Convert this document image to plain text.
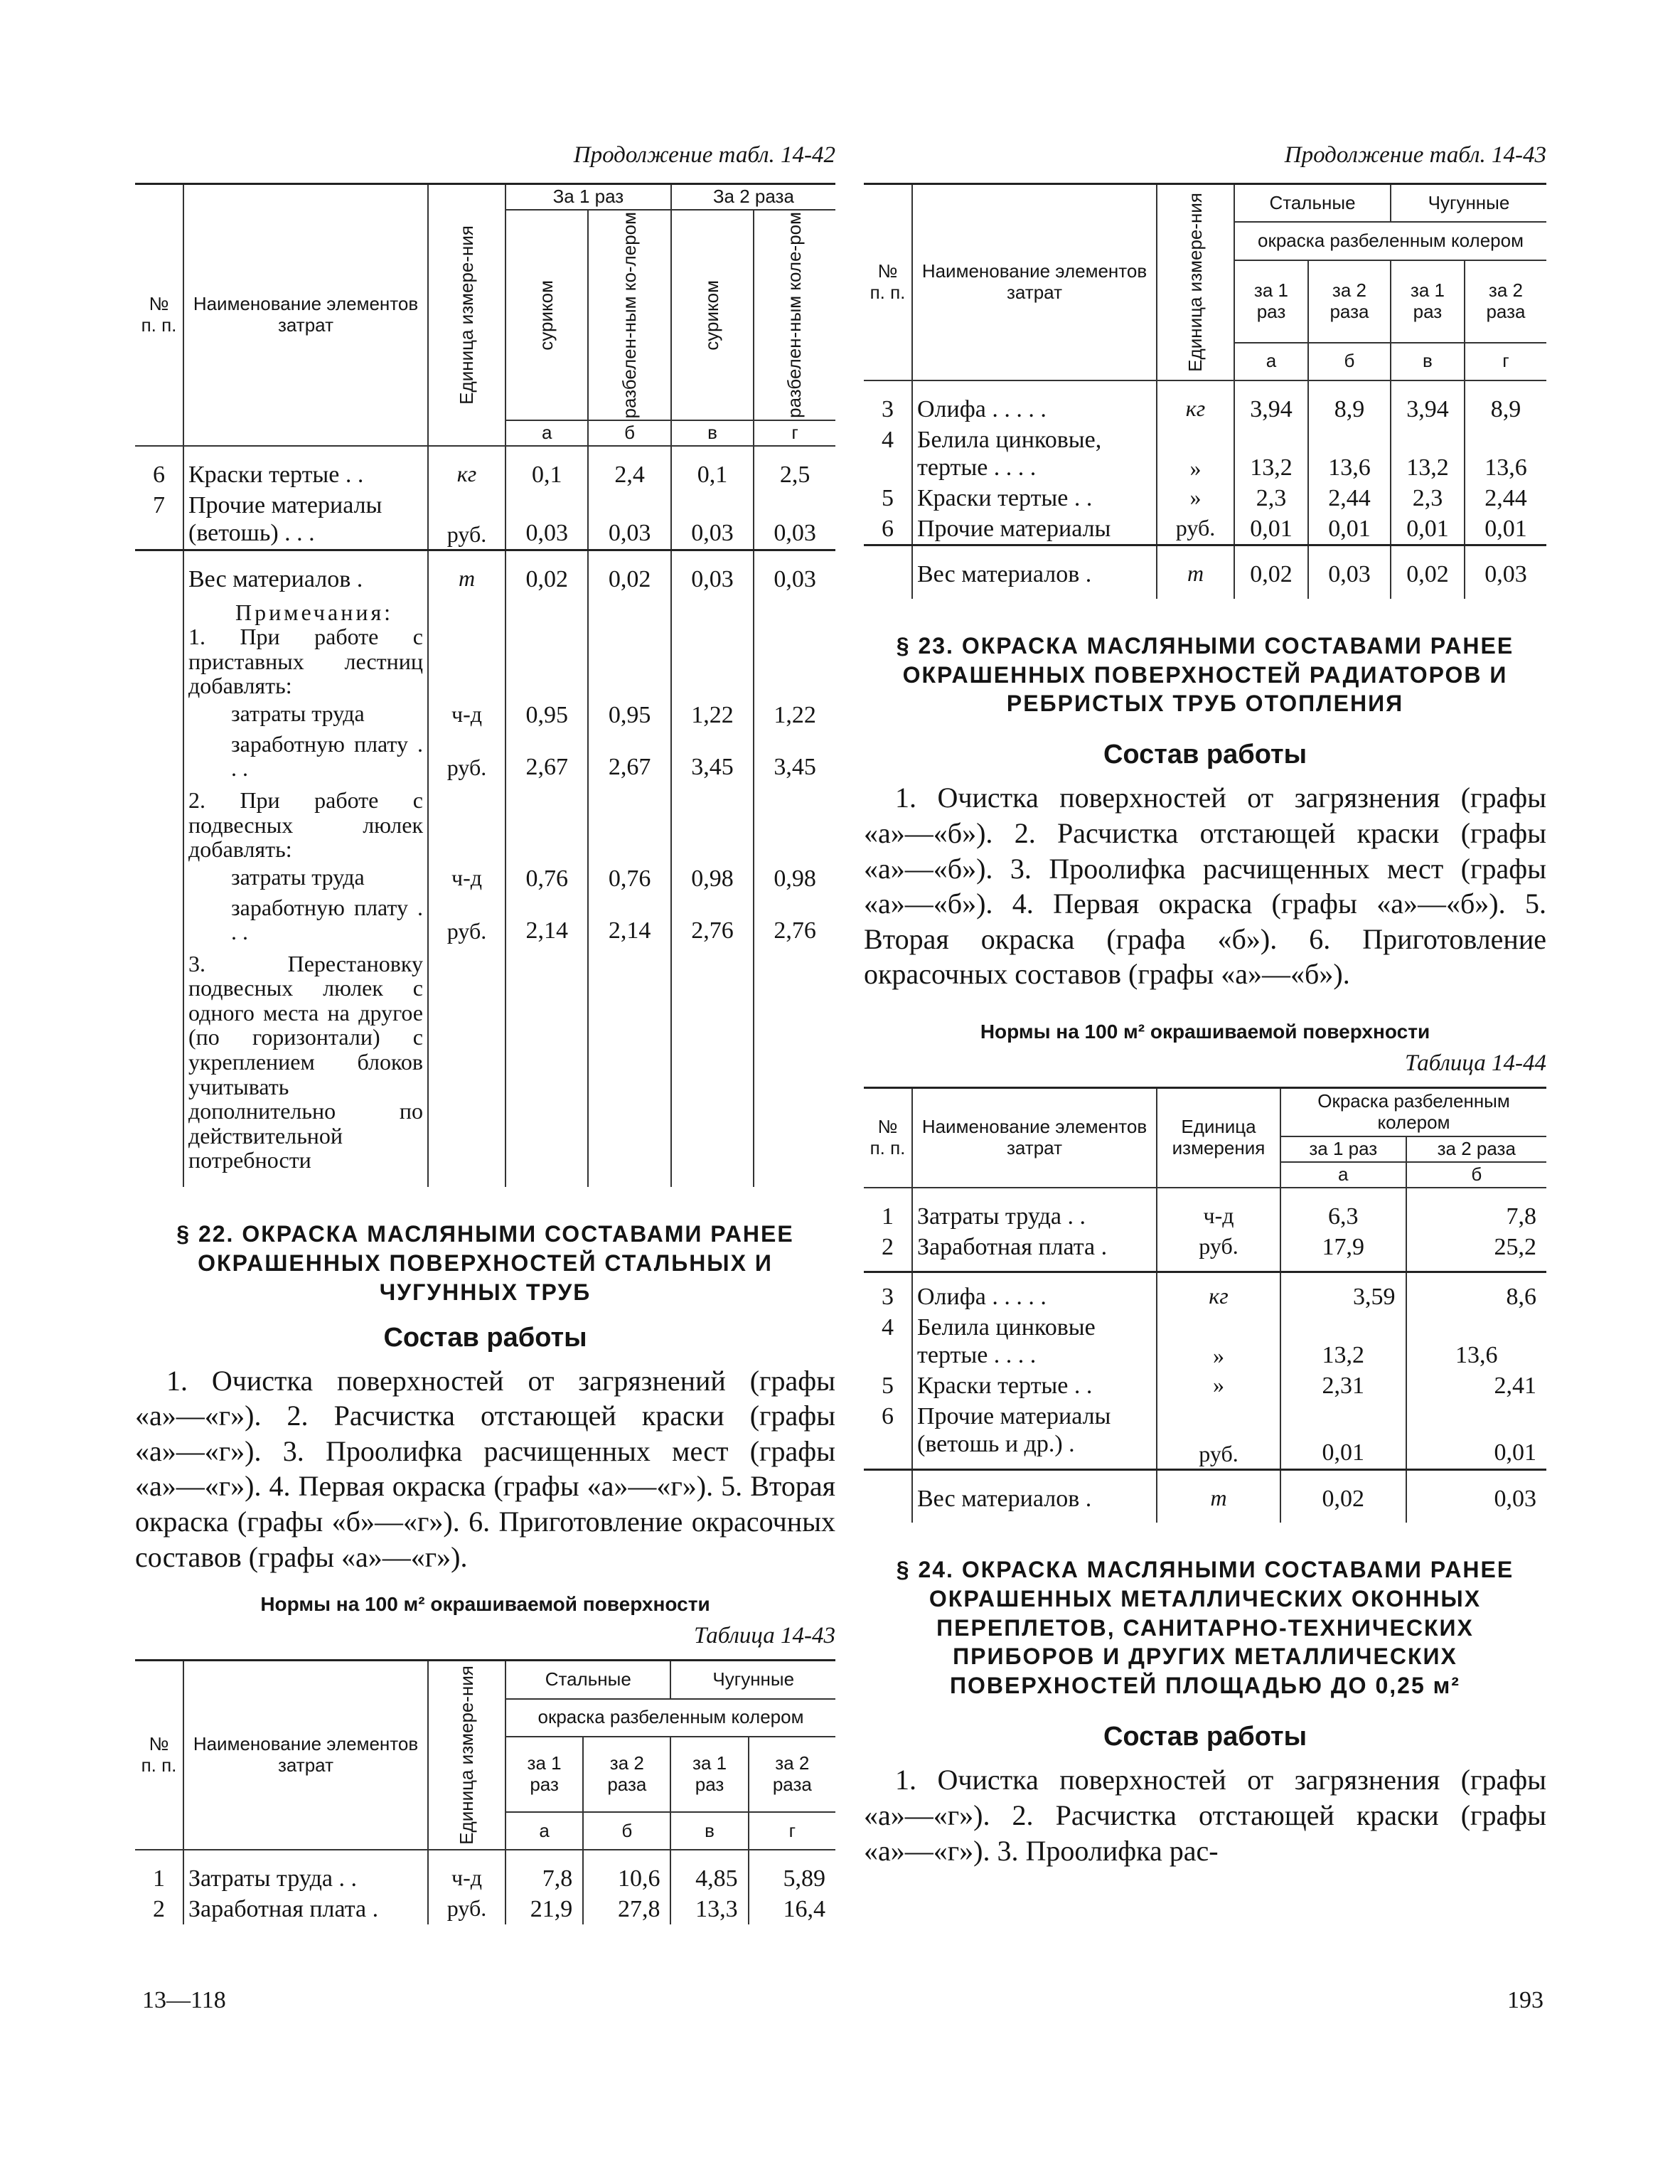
Продолжение табл. 14-42
№ п. п.	Наименование элементов затрат	Единица измере-ния	За 1 раз		За 2 раза	

			суриком	разбелен-ным ко-лером	суриком	разбелен-ным коле-ром

			а	б	в	г

6	Краски тертые . .	кг	0,1	2,4	0,1	2,5
7	Прочие материалы (ветошь) . . .	руб.	0,03	0,03	0,03	0,03
	Вес материалов .	т	0,02	0,02	0,03	0,03

	Примечания:
1. При работе с приставных лестниц добавлять:					

	затраты труда	ч-д	0,95	0,95	1,22	1,22
	заработную плату . . .	руб.	2,67	2,67	3,45	3,45
	2. При работе с подвесных люлек добавлять:					
	затраты труда	ч-д	0,76	0,76	0,98	0,98
	заработную плату . . .	руб.	2,14	2,14	2,76	2,76
	3. Перестановку подвесных люлек с одного места на другое (по горизонтали) с укреплением блоков учитывать дополнительно по действительной потребности					

§ 22. ОКРАСКА МАСЛЯНЫМИ СОСТАВАМИ РАНЕЕ ОКРАШЕННЫХ ПОВЕРХНОСТЕЙ СТАЛЬНЫХ И ЧУГУННЫХ ТРУБ

Состав работы

1. Очистка поверхностей от загрязнений (графы «а»—«г»). 2. Расчистка отстающей краски (графы «а»—«г»). 3. Проолифка расчищенных мест (графы «а»—«г»). 4. Первая окраска (графы «а»—«г»). 5. Вторая окраска (графы «б»—«г»). 6. Приготовление окрасочных составов (графы «а»—«г»).

Нормы на 100 м² окрашиваемой поверхности

Таблица 14-43
№ п. п.	Наименование элементов затрат	Единица измере-ния	Стальные		Чугунные	
			окраска разбеленным колером			
			за 1 раз	за 2 раза	за 1 раз	за 2 раза
			а	б	в	г

1	Затраты труда . .	ч-д	7,8	10,6	4,85	5,89
2	Заработная плата .	руб.	21,9	27,8	13,3	16,4
Продолжение табл. 14-43
№ п. п.	Наименование элементов затрат	Единица измере-ния	Стальные		Чугунные	
			окраска разбеленным колером			
			за 1 раз	за 2 раза	за 1 раз	за 2 раза
			а	б	в	г

3	Олифа . . . . .	кг	3,94	8,9	3,94	8,9
4	Белила цинковые, тертые . . . .	»	13,2	13,6	13,2	13,6
5	Краски тертые . .	»	2,3	2,44	2,3	2,44
6	Прочие материалы	руб.	0,01	0,01	0,01	0,01
	Вес материалов .	т	0,02	0,03	0,02	0,03

§ 23. ОКРАСКА МАСЛЯНЫМИ СОСТАВАМИ РАНЕЕ ОКРАШЕННЫХ ПОВЕРХНОСТЕЙ РАДИАТОРОВ И РЕБРИСТЫХ ТРУБ ОТОПЛЕНИЯ

Состав работы

1. Очистка поверхностей от загрязнения (графы «а»—«б»). 2. Расчистка отстающей краски (графы «а»—«б»). 3. Проолифка расчищенных мест (графы «а»—«б»). 4. Первая окраска (графы «а»—«б»). 5. Вторая окраска (графа «б»). 6. Приготовление окрасочных составов (графы «а»—«б»).

Нормы на 100 м² окрашиваемой поверхности

Таблица 14-44
№ п. п.	Наименование элементов затрат	Единица измерения	Окраска разбеленным колером	
			за 1 раз	за 2 раза
			а	б

1	Затраты труда . .	ч-д	6,3	7,8
2	Заработная плата .	руб.	17,9	25,2
3	Олифа . . . . .	кг	3,59	8,6
4	Белила цинковые тертые . . . .	»	13,2	13,6
5	Краски тертые . .	»	2,31	2,41
6	Прочие материалы (ветошь и др.) .	руб.	0,01	0,01
	Вес материалов .	т	0,02	0,03

§ 24. ОКРАСКА МАСЛЯНЫМИ СОСТАВАМИ РАНЕЕ ОКРАШЕННЫХ МЕТАЛЛИЧЕСКИХ ОКОННЫХ ПЕРЕПЛЕТОВ, САНИТАРНО-ТЕХНИЧЕСКИХ ПРИБОРОВ И ДРУГИХ МЕТАЛЛИЧЕСКИХ ПОВЕРХНОСТЕЙ ПЛОЩАДЬЮ ДО 0,25 м²

Состав работы

1. Очистка поверхностей от загрязнения (графы «а»—«г»). 2. Расчистка отстающей краски (графы «а»—«г»). 3. Проолифка рас-

13—118	193
